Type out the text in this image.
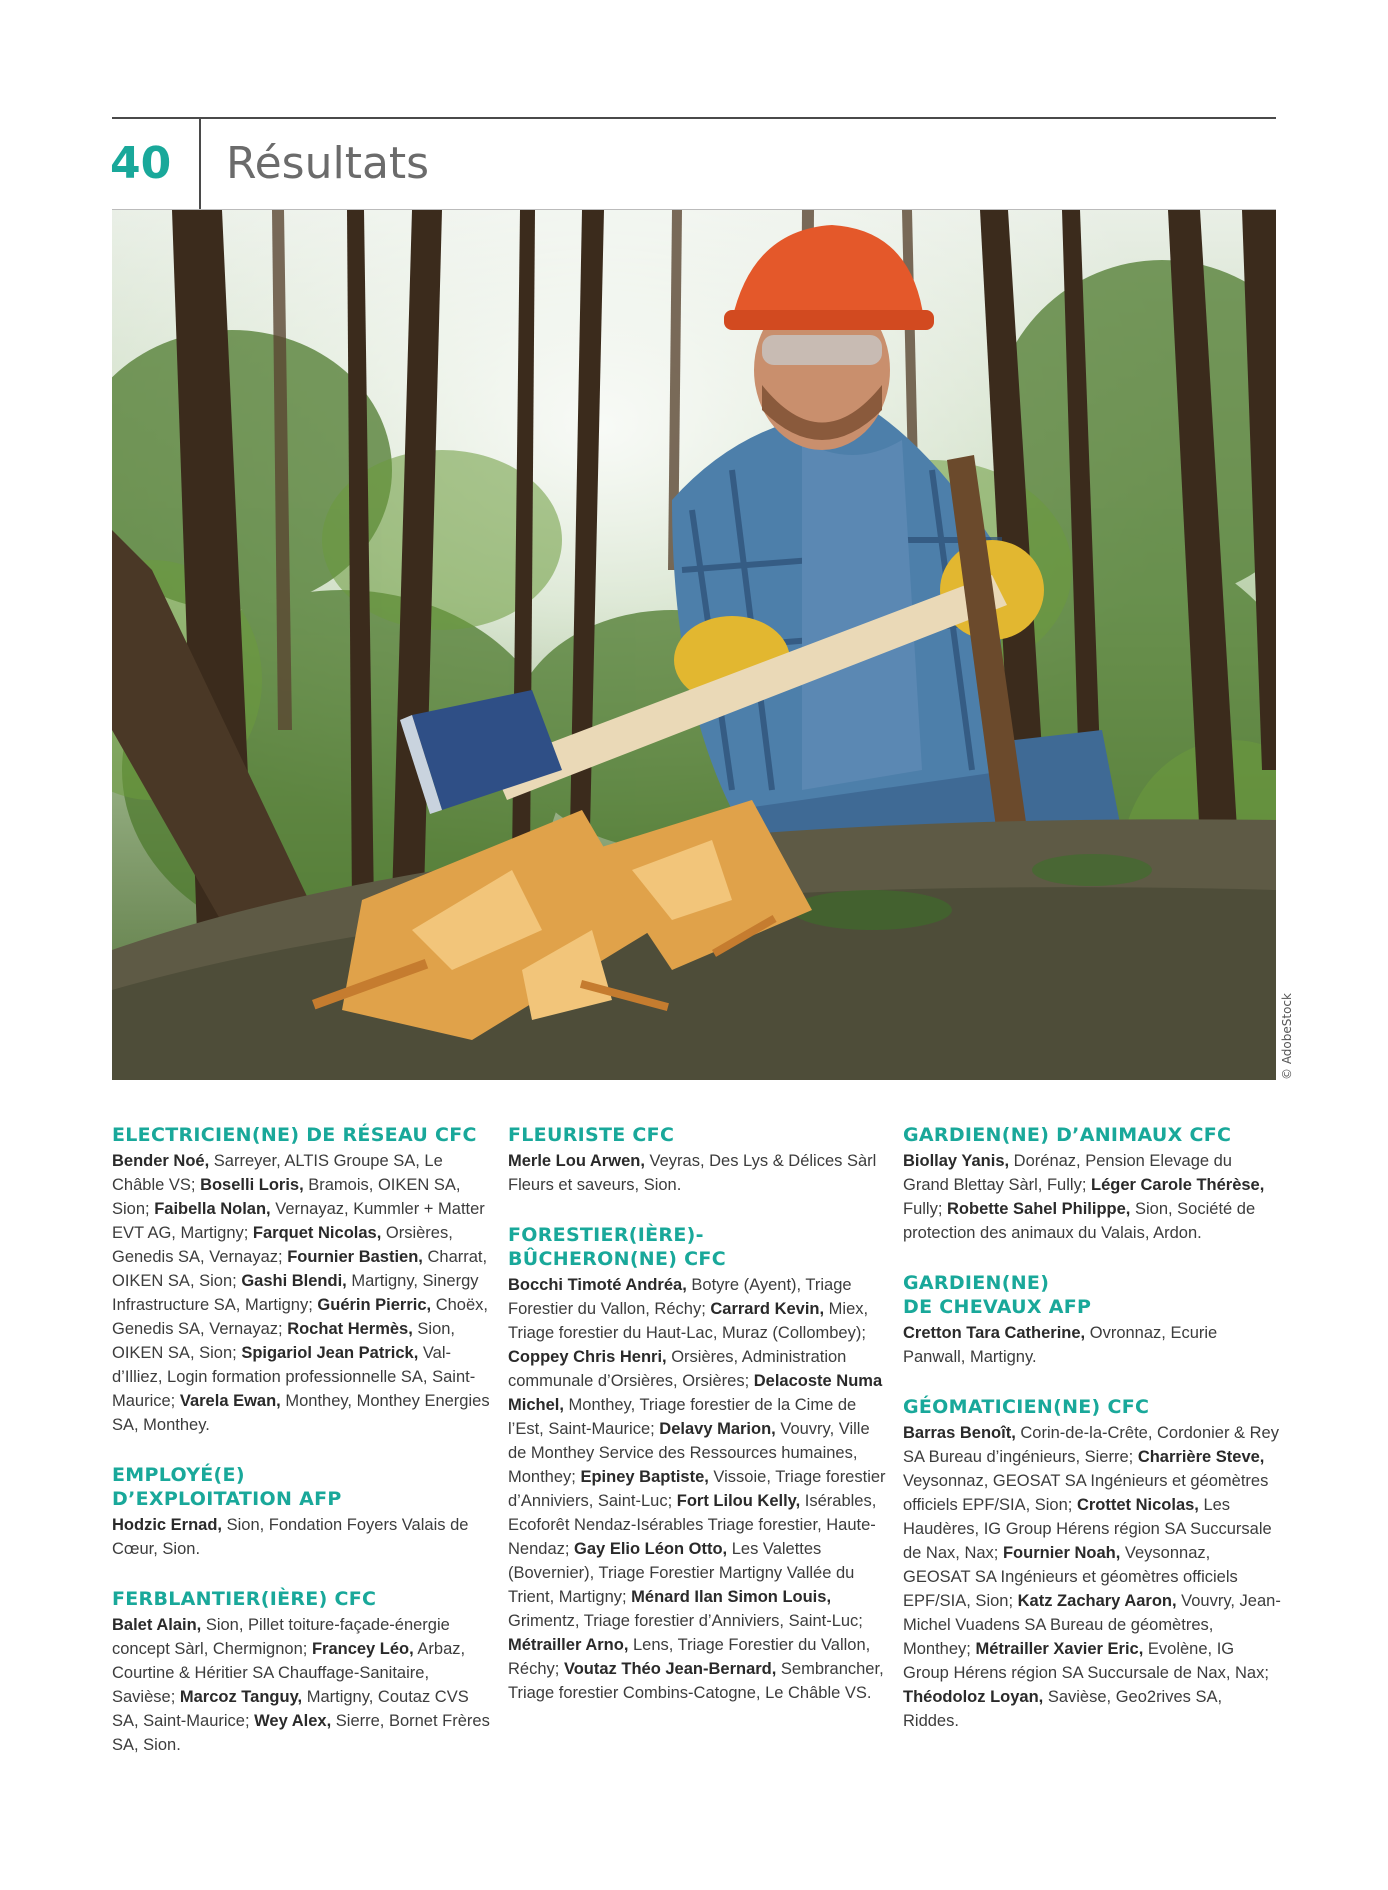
40 Résultats
© AdobeStock
ELECTRICIEN(NE) DE RÉSEAU CFC
Bender Noé, Sarreyer, ALTIS Groupe SA, Le Châble VS; Boselli Loris, Bramois, OIKEN SA, Sion; Faibella Nolan, Vernayaz, Kummler + Matter EVT AG, Martigny; Farquet Nicolas, Orsières, Genedis SA, Vernayaz; Fournier Bastien, Charrat, OIKEN SA, Sion; Gashi Blendi, Martigny, Sinergy Infrastructure SA, Martigny; Guérin Pierric, Choëx, Genedis SA, Vernayaz; Rochat Hermès, Sion, OIKEN SA, Sion; Spigariol Jean Patrick, Val-d’Illiez, Login formation professionnelle SA, Saint-Maurice; Varela Ewan, Monthey, Monthey Energies SA, Monthey.
EMPLOYÉ(E)
D’EXPLOITATION AFP
Hodzic Ernad, Sion, Fondation Foyers Valais de Cœur, Sion.
FERBLANTIER(IÈRE) CFC
Balet Alain, Sion, Pillet toiture-façade-énergie concept Sàrl, Chermignon; Francey Léo, Arbaz, Courtine & Héritier SA Chauffage-Sanitaire, Savièse; Marcoz Tanguy, Martigny, Coutaz CVS SA, Saint-Maurice; Wey Alex, Sierre, Bornet Frères SA, Sion.
FLEURISTE CFC
Merle Lou Arwen, Veyras, Des Lys & Délices Sàrl Fleurs et saveurs, Sion.
FORESTIER(IÈRE)-
BÛCHERON(NE) CFC
Bocchi Timoté Andréa, Botyre (Ayent), Triage Forestier du Vallon, Réchy; Carrard Kevin, Miex, Triage forestier du Haut-Lac, Muraz (Collombey); Coppey Chris Henri, Orsières, Administration communale d’Orsières, Orsières; Delacoste Numa Michel, Monthey, Triage forestier de la Cime de l’Est, Saint-Maurice; Delavy Marion, Vouvry, Ville de Monthey Service des Ressources humaines, Monthey; Epiney Baptiste, Vissoie, Triage forestier d’Anniviers, Saint-Luc; Fort Lilou Kelly, Isérables, Ecoforêt Nendaz-Isérables Triage forestier, Haute-Nendaz; Gay Elio Léon Otto, Les Valettes (Bovernier), Triage Forestier Martigny Vallée du Trient, Martigny; Ménard Ilan Simon Louis, Grimentz, Triage forestier d’Anniviers, Saint-Luc; Métrailler Arno, Lens, Triage Forestier du Vallon, Réchy; Voutaz Théo Jean-Bernard, Sembrancher, Triage forestier Combins-Catogne, Le Châble VS.
GARDIEN(NE) D’ANIMAUX CFC
Biollay Yanis, Dorénaz, Pension Elevage du Grand Blettay Sàrl, Fully; Léger Carole Thérèse, Fully; Robette Sahel Philippe, Sion, Société de protection des animaux du Valais, Ardon.
GARDIEN(NE)
DE CHEVAUX AFP
Cretton Tara Catherine, Ovronnaz, Ecurie Panwall, Martigny.
GÉOMATICIEN(NE) CFC
Barras Benoît, Corin-de-la-Crête, Cordonier & Rey SA Bureau d’ingénieurs, Sierre; Charrière Steve, Veysonnaz, GEOSAT SA Ingénieurs et géomètres officiels EPF/SIA, Sion; Crottet Nicolas, Les Haudères, IG Group Hérens région SA Succursale de Nax, Nax; Fournier Noah, Veysonnaz, GEOSAT SA Ingénieurs et géomètres officiels EPF/SIA, Sion; Katz Zachary Aaron, Vouvry, Jean-Michel Vuadens SA Bureau de géomètres, Monthey; Métrailler Xavier Eric, Evolène, IG Group Hérens région SA Succursale de Nax, Nax; Théodoloz Loyan, Savièse, Geo2rives SA, Riddes.
